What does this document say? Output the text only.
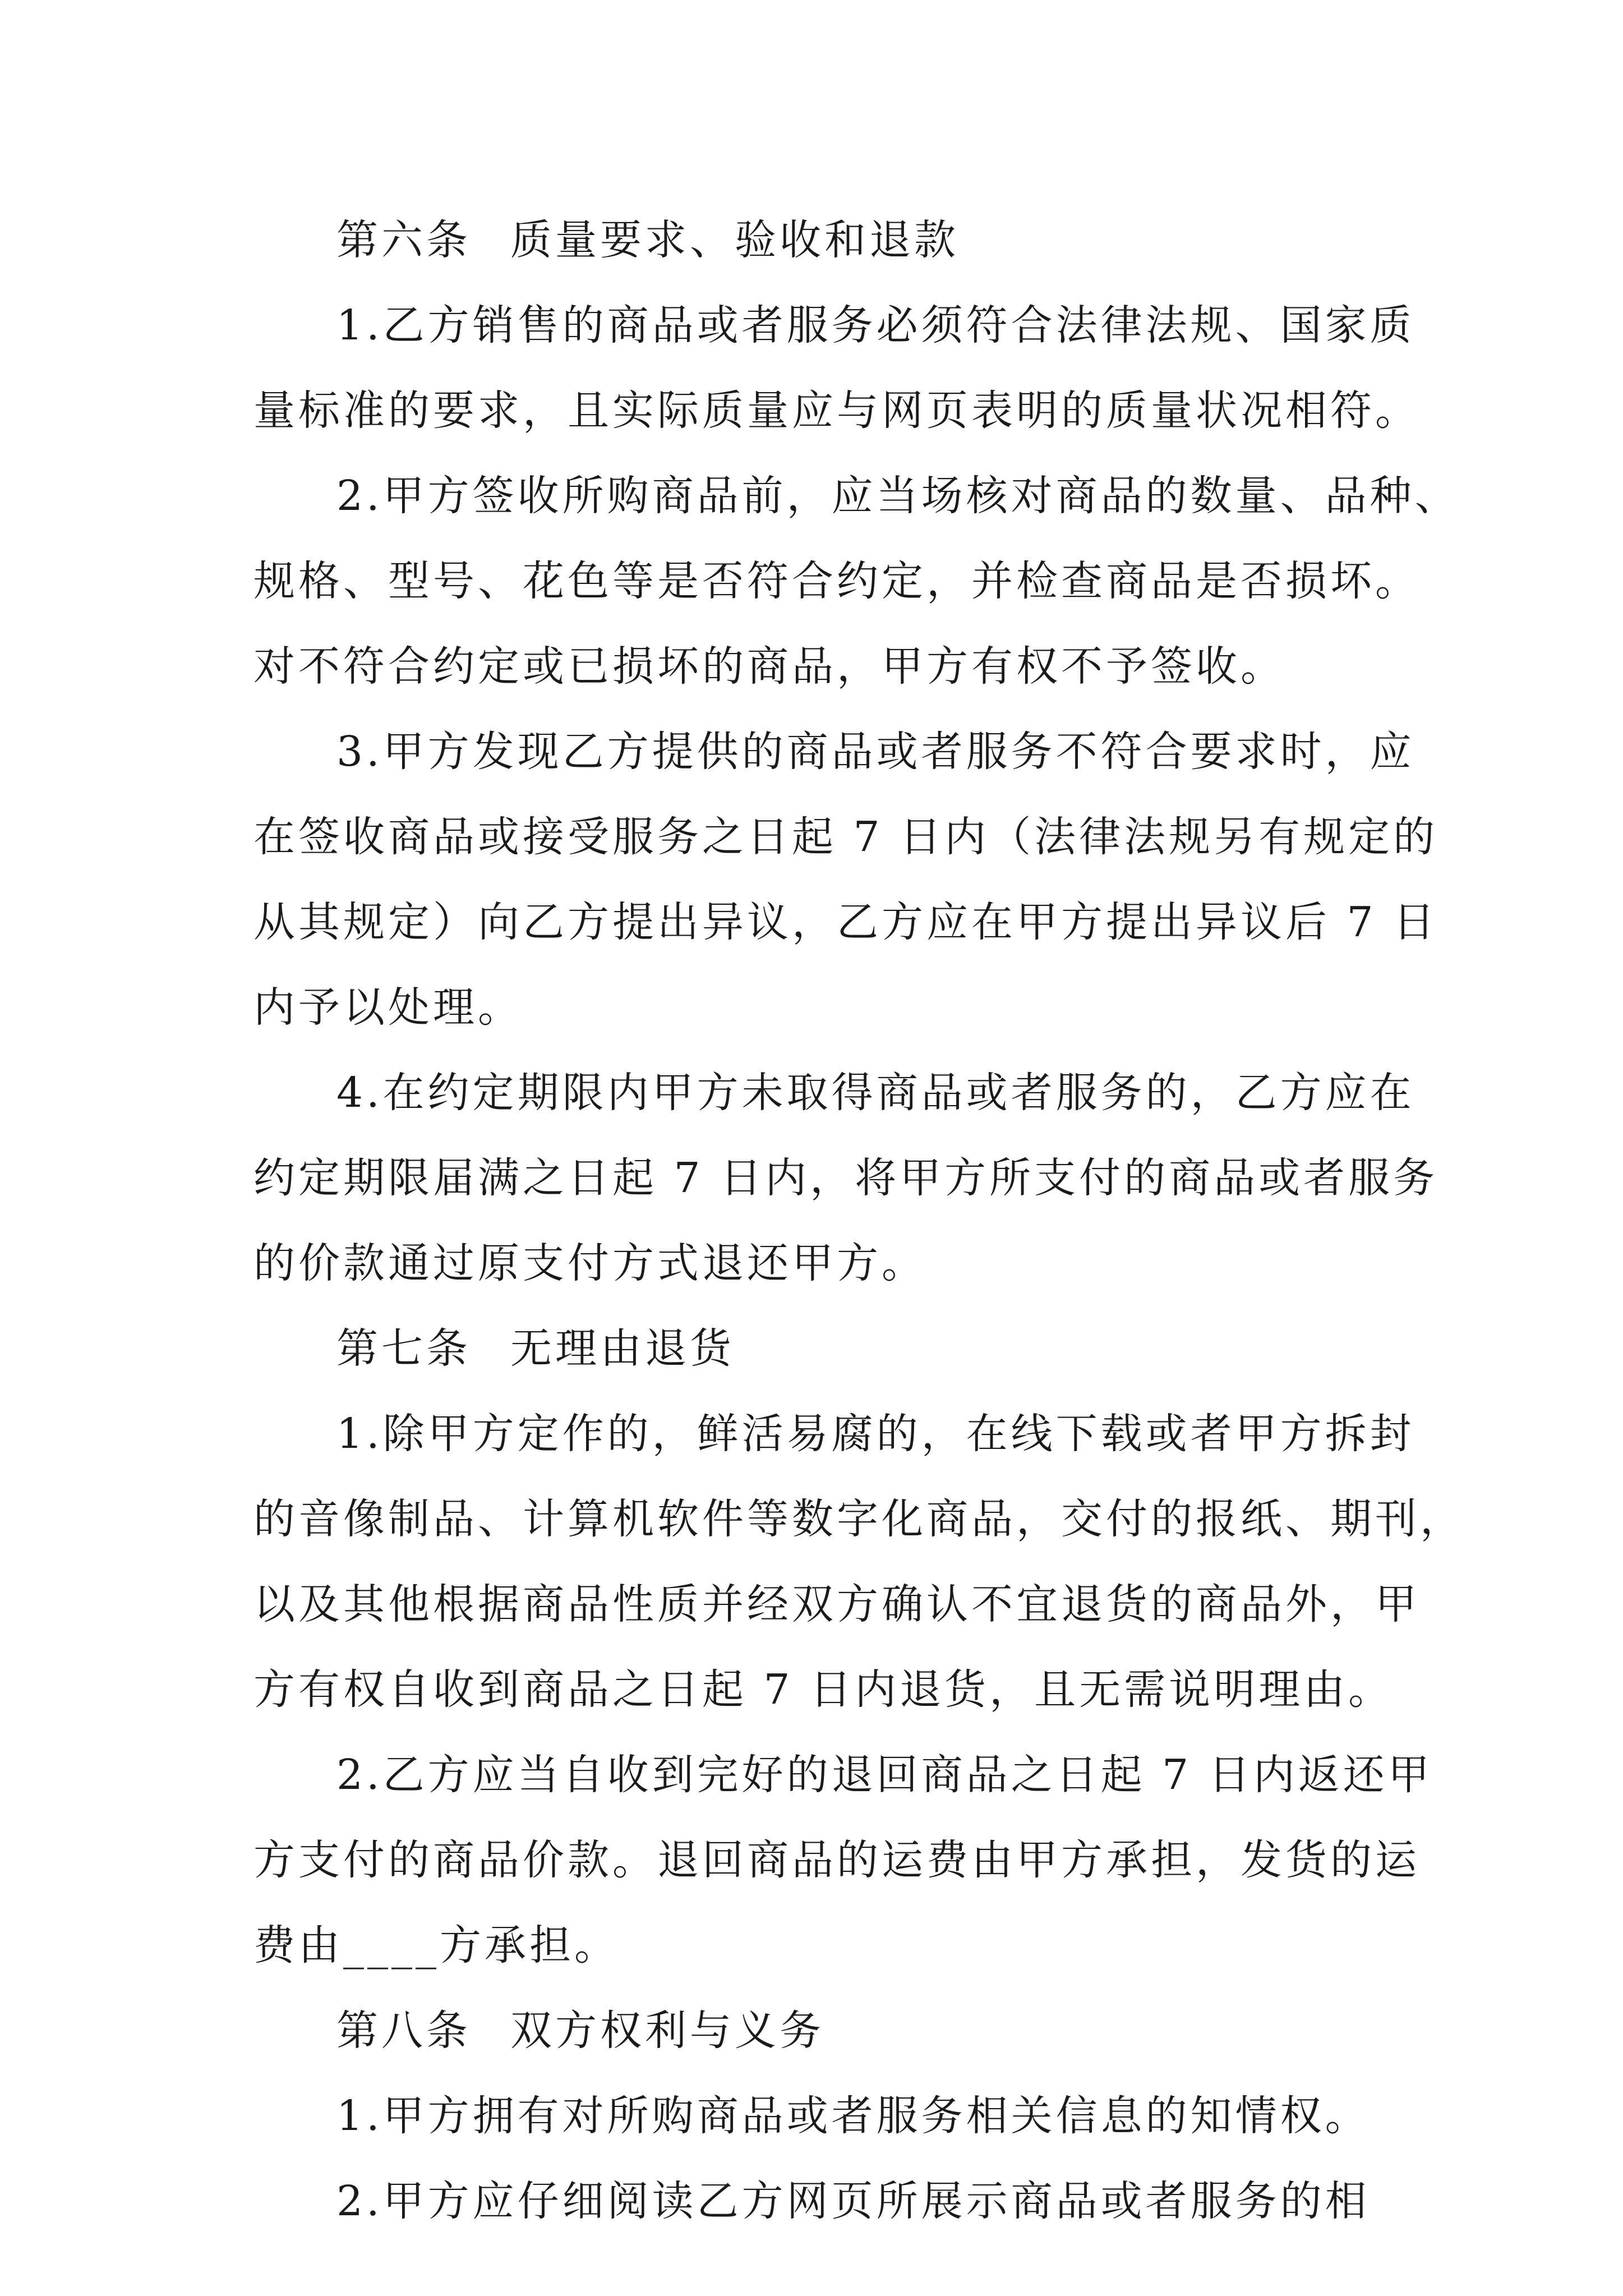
第六条 质量要求、验收和退款
1.乙方销售的商品或者服务必须符合法律法规、国家质
量标准的要求，且实际质量应与网页表明的质量状况相符。
2.甲方签收所购商品前，应当场核对商品的数量、品种、
规格、型号、花色等是否符合约定，并检查商品是否损坏。
对不符合约定或已损坏的商品，甲方有权不予签收。
3.甲方发现乙方提供的商品或者服务不符合要求时，应
在签收商品或接受服务之日起 7 日内（法律法规另有规定的
从其规定）向乙方提出异议，乙方应在甲方提出异议后 7 日
内予以处理。
4.在约定期限内甲方未取得商品或者服务的，乙方应在
约定期限届满之日起 7 日内，将甲方所支付的商品或者服务
的价款通过原支付方式退还甲方。
第七条 无理由退货
1.除甲方定作的，鲜活易腐的，在线下载或者甲方拆封
的音像制品、计算机软件等数字化商品，交付的报纸、期刊，
以及其他根据商品性质并经双方确认不宜退货的商品外，甲
方有权自收到商品之日起 7 日内退货，且无需说明理由。
2.乙方应当自收到完好的退回商品之日起 7 日内返还甲
方支付的商品价款。退回商品的运费由甲方承担，发货的运
费由____方承担。
第八条 双方权利与义务
1.甲方拥有对所购商品或者服务相关信息的知情权。
2.甲方应仔细阅读乙方网页所展示商品或者服务的相
